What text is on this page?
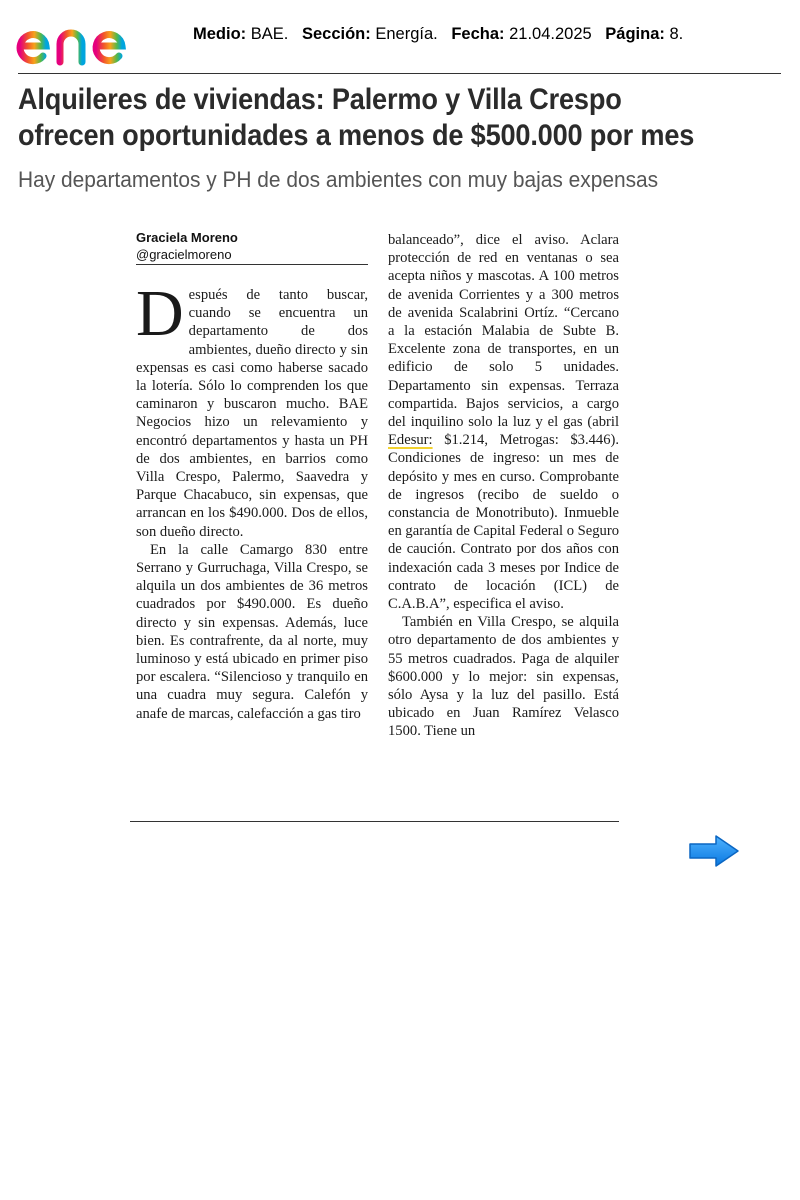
Medio: BAE. Sección: Energía. Fecha: 21.04.2025 Página: 8.
Alquileres de viviendas: Palermo y Villa Crespo
ofrecen oportunidades a menos de $500.000 por mes
Hay departamentos y PH de dos ambientes con muy bajas expensas
Graciela Moreno
@gracielmoreno

Después de tanto buscar, cuando se encuentra un departamento de dos ambientes, dueño directo y sin expensas es casi como haberse sacado la lotería. Sólo lo comprenden los que caminaron y buscaron mucho. BAE Negocios hizo un relevamiento y encontró departamentos y hasta un PH de dos ambientes, en barrios como Villa Crespo, Palermo, Saavedra y Parque Chacabuco, sin expensas, que arrancan en los $490.000. Dos de ellos, son dueño directo.

En la calle Camargo 830 entre Serrano y Gurruchaga, Villa Crespo, se alquila un dos ambientes de 36 metros cuadrados por $490.000. Es dueño directo y sin expensas. Además, luce bien. Es contrafrente, da al norte, muy luminoso y está ubicado en primer piso por escalera. “Silencioso y tranquilo en una cuadra muy segura. Calefón y anafe de marcas, calefacción a gas tiro

balanceado”, dice el aviso. Aclara protección de red en ventanas o sea acepta niños y mascotas. A 100 metros de avenida Corrientes y a 300 metros de avenida Scalabrini Ortíz. “Cercano a la estación Malabia de Subte B. Excelente zona de transportes, en un edificio de solo 5 unidades. Departamento sin expensas. Terraza compartida. Bajos servicios, a cargo del inquilino solo la luz y el gas (abril Edesur: $1.214, Metrogas: $3.446). Condiciones de ingreso: un mes de depósito y mes en curso. Comprobante de ingresos (recibo de sueldo o constancia de Monotributo). Inmueble en garantía de Capital Federal o Seguro de caución. Contrato por dos años con indexación cada 3 meses por Indice de contrato de locación (ICL) de C.A.B.A”, especifica el aviso.

También en Villa Crespo, se alquila otro departamento de dos ambientes y 55 metros cuadrados. Paga de alquiler $600.000 y lo mejor: sin expensas, sólo Aysa y la luz del pasillo. Está ubicado en Juan Ramírez Velasco 1500. Tiene un
